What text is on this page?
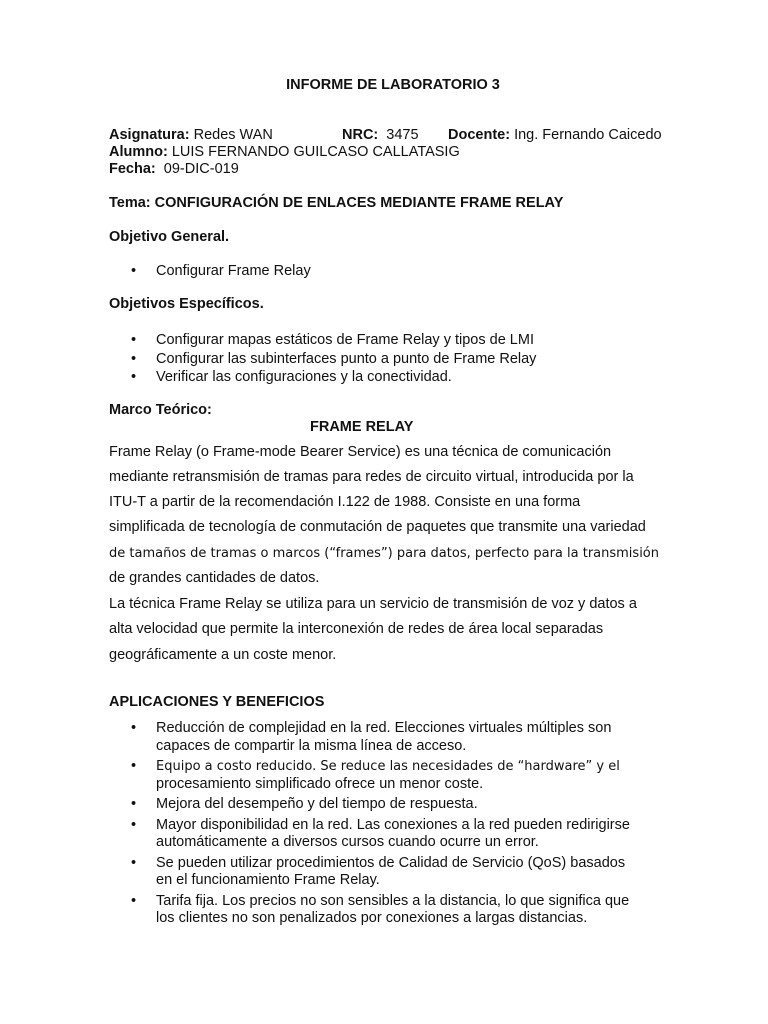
INFORME DE LABORATORIO 3
Asignatura: Redes WAN	NRC:  3475 Docente: Ing. Fernando Caicedo
Alumno: LUIS FERNANDO GUILCASO CALLATASIG
Fecha:  09-DIC-019
Tema: CONFIGURACIÓN DE ENLACES MEDIANTE FRAME RELAY
Objetivo General.
• Configurar Frame Relay
Objetivos Específicos.
• Configurar mapas estáticos de Frame Relay y tipos de LMI
• Configurar las subinterfaces punto a punto de Frame Relay
• Verificar las configuraciones y la conectividad.
Marco Teórico:
FRAME RELAY

Frame Relay (o Frame-mode Bearer Service) es una técnica de comunicación

mediante retransmisión de tramas para redes de circuito virtual, introducida por la

ITU-T a partir de la recomendación I.122 de 1988. Consiste en una forma

simplificada de tecnología de conmutación de paquetes que transmite una variedad

de tamaños de tramas o marcos (“frames”) para datos, perfecto para la transmisión

de grandes cantidades de datos.

La técnica Frame Relay se utiliza para un servicio de transmisión de voz y datos a

alta velocidad que permite la interconexión de redes de área local separadas

geográficamente a un coste menor.

APLICACIONES Y BENEFICIOS
• Reducción de complejidad en la red. Elecciones virtuales múltiples son
capaces de compartir la misma línea de acceso.
• Equipo a costo reducido. Se reduce las necesidades de “hardware” y el
procesamiento simplificado ofrece un menor coste.
• Mejora del desempeño y del tiempo de respuesta.
• Mayor disponibilidad en la red. Las conexiones a la red pueden redirigirse
automáticamente a diversos cursos cuando ocurre un error.
• Se pueden utilizar procedimientos de Calidad de Servicio (QoS) basados
en el funcionamiento Frame Relay.
• Tarifa fija. Los precios no son sensibles a la distancia, lo que significa que
los clientes no son penalizados por conexiones a largas distancias.
